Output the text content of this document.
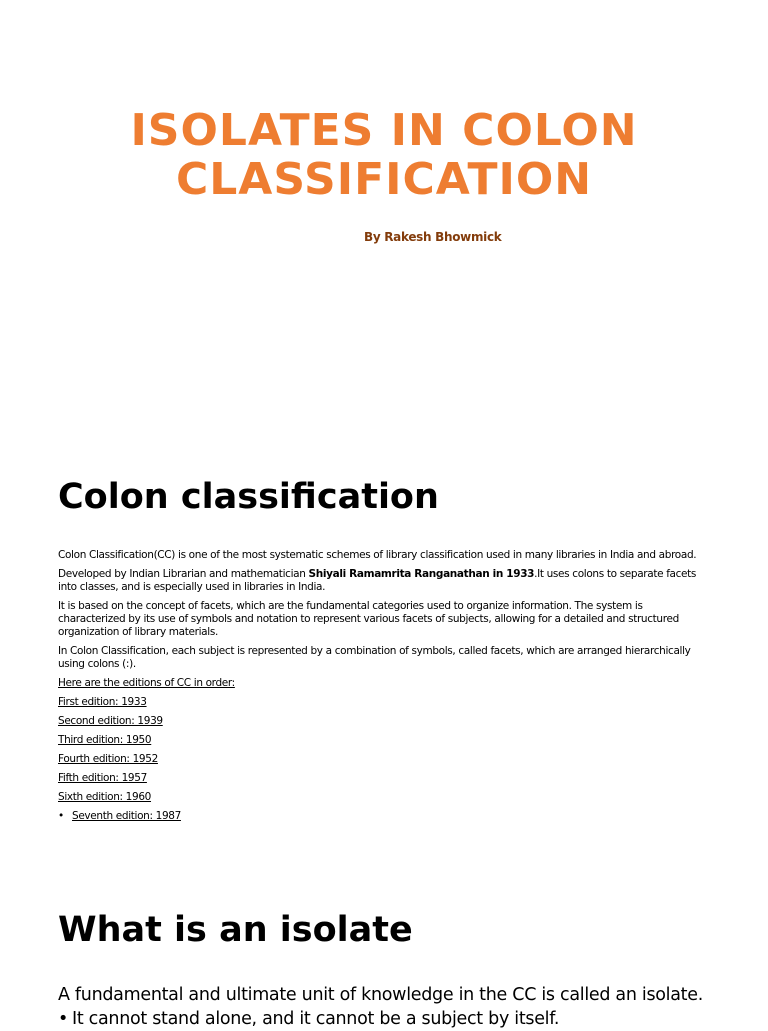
ISOLATES IN COLON
CLASSIFICATION

By Rakesh Bhowmick

Colon classification

Colon Classification(CC) is one of the most systematic schemes of library classification used in many libraries in India and abroad.

Developed by Indian Librarian and mathematician Shiyali Ramamrita Ranganathan in 1933.It uses colons to separate facets into classes, and is especially used in libraries in India.

It is based on the concept of facets, which are the fundamental categories used to organize information. The system is characterized by its use of symbols and notation to represent various facets of subjects, allowing for a detailed and structured organization of library materials.

In Colon Classification, each subject is represented by a combination of symbols, called facets, which are arranged hierarchically using colons (:).

Here are the editions of CC in order:

First edition: 1933

Second edition: 1939

Third edition: 1950

Fourth edition: 1952

Fifth edition: 1957

Sixth edition: 1960

• Seventh edition: 1987
What is an isolate

A fundamental and ultimate unit of knowledge in the CC is called an isolate.

• It cannot stand alone, and it cannot be a subject by itself.
